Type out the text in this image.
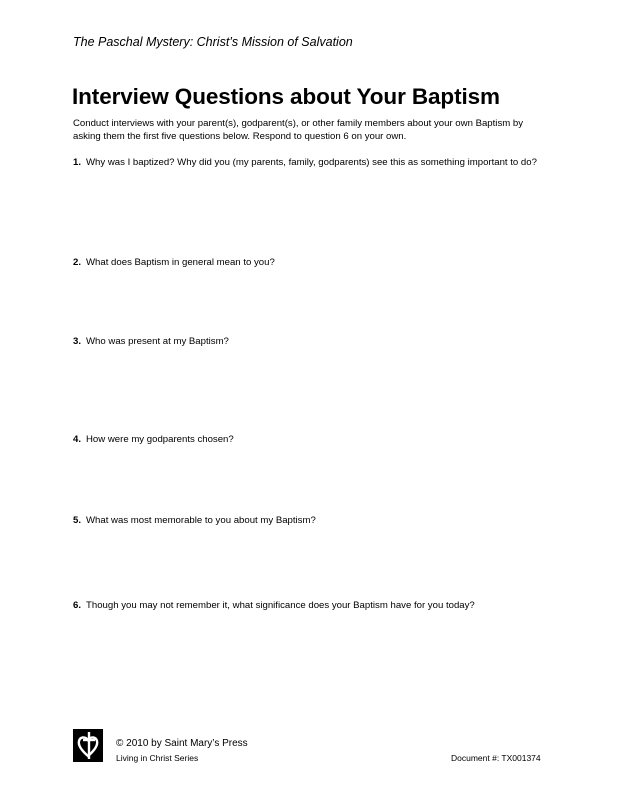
The Paschal Mystery: Christ’s Mission of Salvation
Interview Questions about Your Baptism
Conduct interviews with your parent(s), godparent(s), or other family members about your own Baptism by asking them the first five questions below. Respond to question 6 on your own.
1. Why was I baptized? Why did you (my parents, family, godparents) see this as something important to do?
2. What does Baptism in general mean to you?
3. Who was present at my Baptism?
4. How were my godparents chosen?
5. What was most memorable to you about my Baptism?
6. Though you may not remember it, what significance does your Baptism have for you today?
© 2010 by Saint Mary’s Press
Living in Christ Series	Document #: TX001374
